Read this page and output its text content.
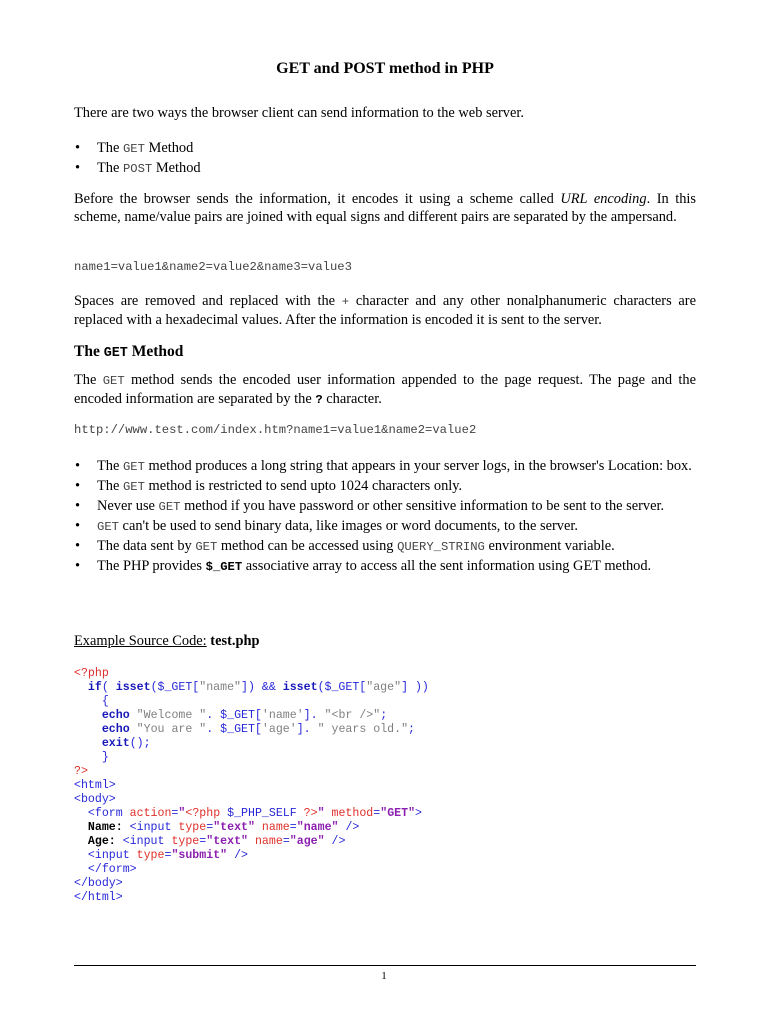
GET and POST method in PHP
There are two ways the browser client can send information to the web server.
• The GET Method
• The POST Method
Before the browser sends the information, it encodes it using a scheme called URL encoding. In this scheme, name/value pairs are joined with equal signs and different pairs are separated by the ampersand.
name1=value1&name2=value2&name3=value3
Spaces are removed and replaced with the + character and any other nonalphanumeric characters are replaced with a hexadecimal values. After the information is encoded it is sent to the server.
The GET Method
The GET method sends the encoded user information appended to the page request. The page and the encoded information are separated by the ? character.
http://www.test.com/index.htm?name1=value1&name2=value2
• The GET method produces a long string that appears in your server logs, in the browser's Location: box.
• The GET method is restricted to send upto 1024 characters only.
• Never use GET method if you have password or other sensitive information to be sent to the server.
• GET can't be used to send binary data, like images or word documents, to the server.
• The data sent by GET method can be accessed using QUERY_STRING environment variable.
• The PHP provides $_GET associative array to access all the sent information using GET method.
Example Source Code: test.php
<?php
if( isset($_GET["name"]) && isset($_GET["age"] ))
{
echo "Welcome ". $_GET['name']. "<br />";
echo "You are ". $_GET['age']. " years old.";
exit();
}
?>
<html>
<body>
<form action="<?php $_PHP_SELF ?>" method="GET">
Name: <input type="text" name="name" />
Age: <input type="text" name="age" />
<input type="submit" />
</form>
</body>
</html>
1
